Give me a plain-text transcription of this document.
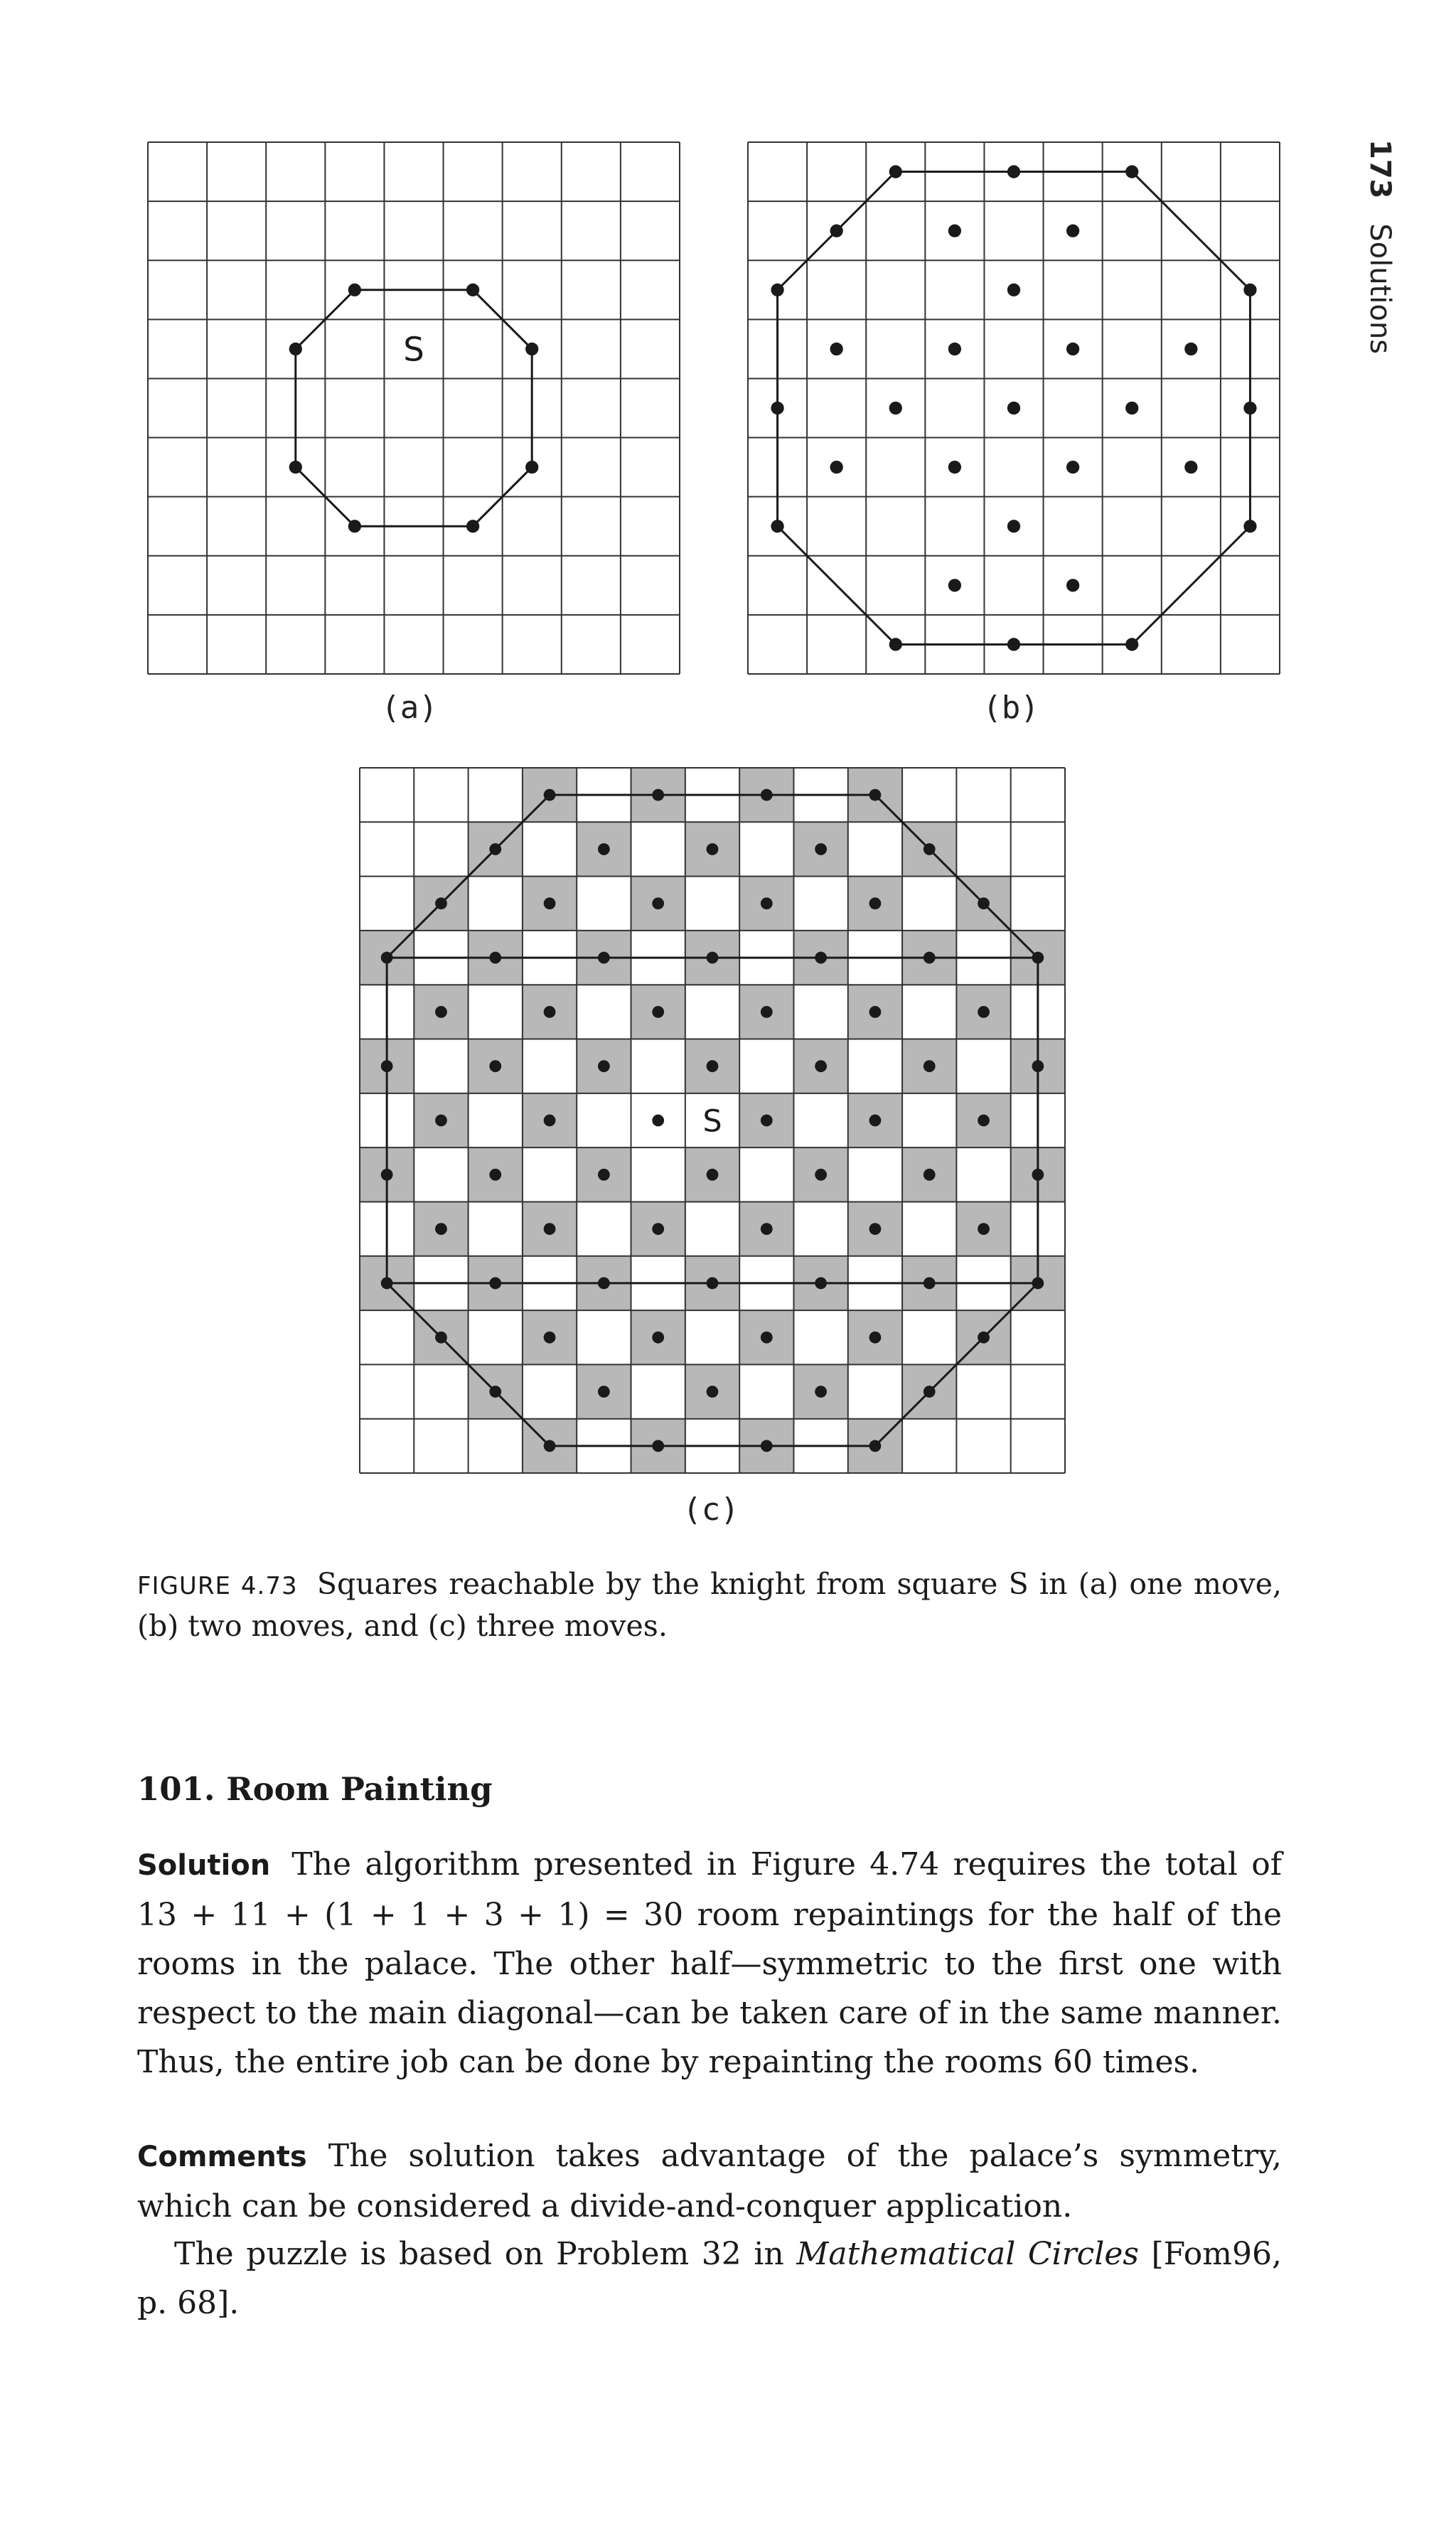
173 Solutions
S
(a)	(b)
S
(c)
FIGURE 4.73 Squares reachable by the knight from square S in (a) one move, (b) two moves, and (c) three moves.
101. Room Painting
Solution The algorithm presented in Figure 4.74 requires the total of 13 + 11 + (1 + 1 + 3 + 1) = 30 room repaintings for the half of the rooms in the palace. The other half—symmetric to the first one with respect to the main diagonal—can be taken care of in the same manner. Thus, the entire job can be done by repainting the rooms 60 times.
Comments The solution takes advantage of the palace’s symmetry, which can be considered a divide-and-conquer application.
The puzzle is based on Problem 32 in Mathematical Circles [Fom96, p. 68].
